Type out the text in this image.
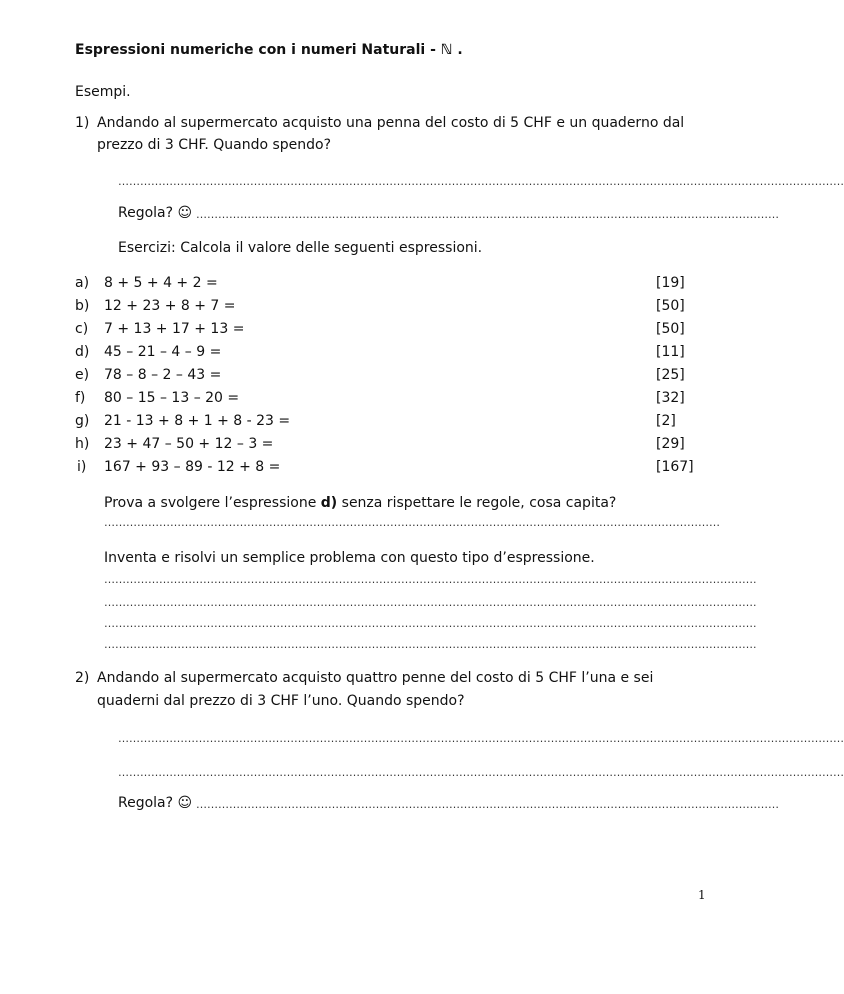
Espressioni numeriche con i numeri Naturali - ℕ .
Esempi.
1) Andando al supermercato acquisto una penna del costo di 5 CHF e un quaderno dal
prezzo di 3 CHF. Quando spendo?
………………………………………………………………………………………………………………………………………………………………………………
Regola? ☺ ……………………………………………………………………………………………………………………………………………
Esercizi: Calcola il valore delle seguenti espressioni.
a) 8 + 5 + 4 + 2 =	[19]
b) 12 + 23 + 8 + 7 =	[50]
c) 7 + 13 + 17 + 13 =	[50]
d) 45 – 21 – 4 – 9 =	[11]
e) 78 – 8 – 2 – 43 =	[25]
f) 80 – 15 – 13 – 20 =	[32]
g) 21 - 13 + 8 + 1 + 8 - 23 =	[2]
h) 23 + 47 – 50 + 12 – 3 =	[29]
i) 167 + 93 – 89 - 12 + 8 =	[167]
Prova a svolgere l’espressione d) senza rispettare le regole, cosa capita?
……………………………………………………………………………………………………………………………………………………
Inventa e risolvi un semplice problema con questo tipo d’espressione.
…………………………………………………………………………………………………………………………………………………………….
…………………………………………………………………………………………………………………………………………………………….
…………………………………………………………………………………………………………………………………………………………….
…………………………………………………………………………………………………………………………………………………………….
2) Andando al supermercato acquisto quattro penne del costo di 5 CHF l’una e sei
quaderni dal prezzo di 3 CHF l’uno. Quando spendo?
………………………………………………………………………………………………………………………………………………………………………………
………………………………………………………………………………………………………………………………………………………………………………
Regola? ☺ ……………………………………………………………………………………………………………………………………………
1
